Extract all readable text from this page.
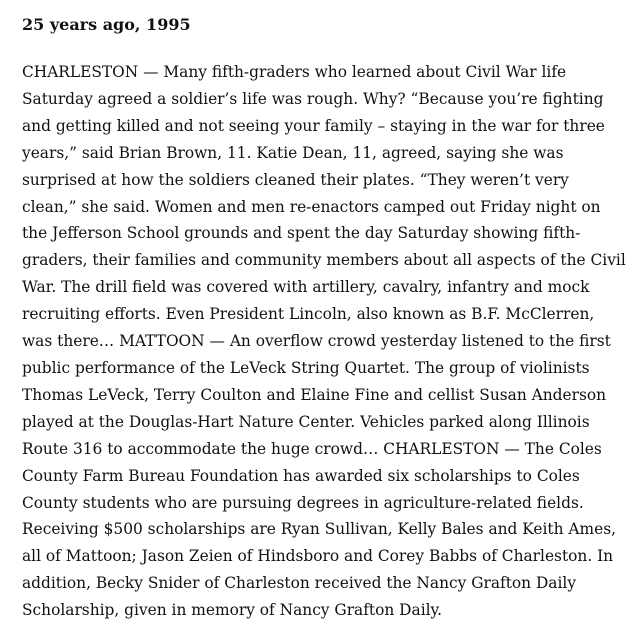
25 years ago, 1995

CHARLESTON — Many fifth-graders who learned about Civil War life Saturday agreed a soldier’s life was rough. Why? “Because you’re fighting and getting killed and not seeing your family – staying in the war for three years,” said Brian Brown, 11. Katie Dean, 11, agreed, saying she was surprised at how the soldiers cleaned their plates. “They weren’t very clean,” she said. Women and men re-enactors camped out Friday night on the Jefferson School grounds and spent the day Saturday showing fifth-graders, their families and community members about all aspects of the Civil War. The drill field was covered with artillery, cavalry, infantry and mock recruiting efforts. Even President Lincoln, also known as B.F. McClerren, was there… MATTOON — An overflow crowd yesterday listened to the first public performance of the LeVeck String Quartet. The group of violinists Thomas LeVeck, Terry Coulton and Elaine Fine and cellist Susan Anderson played at the Douglas-Hart Nature Center. Vehicles parked along Illinois Route 316 to accommodate the huge crowd… CHARLESTON — The Coles County Farm Bureau Foundation has awarded six scholarships to Coles County students who are pursuing degrees in agriculture-related fields. Receiving $500 scholarships are Ryan Sullivan, Kelly Bales and Keith Ames, all of Mattoon; Jason Zeien of Hindsboro and Corey Babbs of Charleston. In addition, Becky Snider of Charleston received the Nancy Grafton Daily Scholarship, given in memory of Nancy Grafton Daily.
